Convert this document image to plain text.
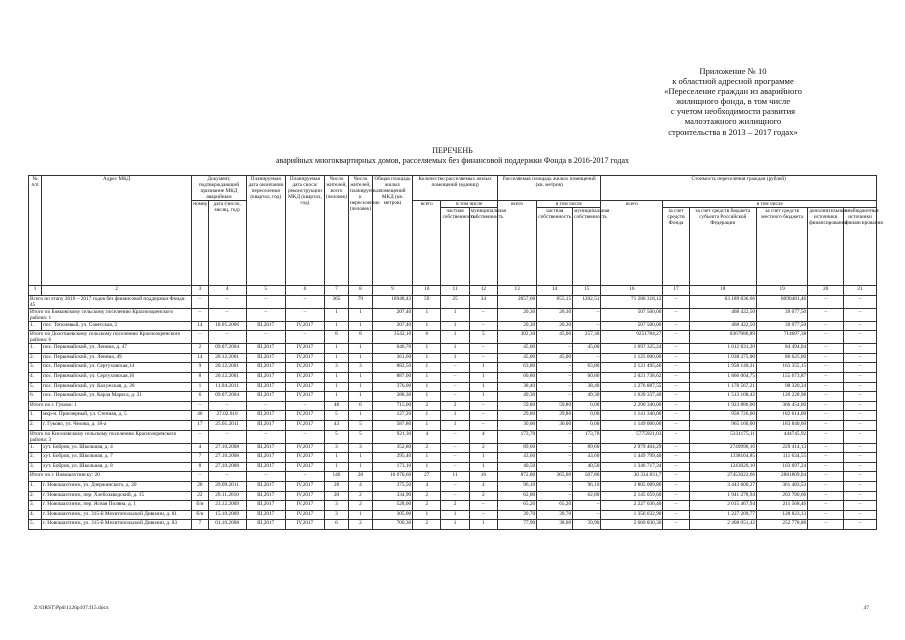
Приложение № 10
к областной адресной программе
«Переселение граждан из аварийного
жилищного фонда, в том числе
с учетом необходимости развития
малоэтажного жилищного
строительства в 2013 – 2017 годах»
ПЕРЕЧЕНЬ
аварийных многоквартирных домов, расселяемых без финансовой поддержки Фонда в 2016-2017 годах
№ п/п	Адрес МКД	Документ, подтверждающий признание МКД аварийным		Планируемая дата окончания переселения (квартал, год)	Планируемая дата сноса/реконструкции МКД (квартал, год)	Число жителей, всего (человек)	Число жителей, планируемых к переселению (человек)	Общая площадь жилых помещений МКД (кв. метров)	Количество расселяемых жилых помещений (единиц)			Расселяемая площадь жилых помещений (кв. метров)			Стоимость переселения граждан (рублей)					
		номер	дата (число, месяц, год)						всего	в том числе		всего	в том числе		всего	в том числе				
										частная собственность	муниципальная собственность		частная собственность	муниципальная собственность		за счет средств Фонда	за счет средств бюджета субъекта Российской Федерации	за счет средств местного бюджета	дополнительные источники финансирования	внебюджетные источники финансирования
1	2	3	4	5	6	7	8	9	10	11	12	13	14	15	16	17	18	19	20	21
Всего по этапу 2016 – 2017 годов без финансовой поддержки Фонда: 45		–	–	–	–	365	79	18948,43	59	25	34	2057,66	855,15	1202,51	71 280 318,12	–	63 189 836,66	8090481,46	–	–
Итого по Бояковскому сельскому поселению Краснозоренского района: 1		–	–	–	–	1	1	207,40	1	1	–	20,30	20,30	–	507 500,00	–	468 422,50	39 077,50	–	–
1.	пос. Тополевый, ул. Советская, 2	14	18.05.2006	III,2017	IV,2017	1	1	207,40	1	1	–	20,30	20,30	–	507 500,00	–	468 422,50	39 077,50	–	–
Итого по Долотшевскому сельскому поселению Краснозоренского района: 6		–	–	–	–	8	8	3542,10	6	1	5	302,30	45,00	257,30	9251784,27	–	8367086,89	714697,38	–	–
1.	пос. Первомайский, ул. Ленина, д. 47	2	09.07.2004	III,2017	IV,2017	1	1	646,70	1	1	–	45,00	–	45,00	1 097 325,24	–	1 012 831,20	84 494,04	–	–
2.	пос. Первомайский, ул. Ленина, 49	14	20.12.2001	III,2017	IV,2017	1	1	361,60	1	1	–	45,00	45,00	–	1 125 000,00	–	1 038 375,00	86 625,00	–	–
3.	пос. Первомайский, ул. Сергуховская,14	9	20.12.2001	III,2017	IV,2017	3	3	882,50	1	–	1	63,80	–	63,80	2 121 495,46	–	1 958 140,31	163 355,15	–	–
4.	пос. Первомайский, ул. Сергуховская,16	8	20.12.2001	III,2017	IV,2017	1	1	887,00	1	–	1	60,80	–	60,80	2 021 738,62	–	1 866 064,75	155 673,87	–	–
5.	пос. Первомайский, ул. Калужская, д. 20	1	11.04.2011	III,2017	IV,2017	1	1	376,00	1	–	1	38,40	–	38,40	1 276 887,55	–	1 178 567,21	98 320,34	–	–
6.	пос. Первомайский, ул. Карла Маркса, д. 31	6	09.07.2004	III,2017	IV,2017	1	1	388,30	1	–	1	49,30	–	49,30	1 639 337,40	–	1 513 108,42	126 228,98	–	–
Итого по г. Гуково: 1		–	–	–	–	48	6	715,00	2	2	–	59,80	59,80	0,00	2 290 340,00	–	1 923 886,00	366 454,00	–	–
1.	мкр-н. Приозерный, ул. Степная, д. 5	46	27.02.010	III,2017	IV,2017	5	1	127,20	1	1	–	29,80	29,80	0,00	1 141 340,00	–	958 726,00	182 614,00	–	–
2.	г. Гуково, ул. Чехова, д. 18-а	17	25.05.2011	III,2017	IV,2017	43	5	587,80	1	1	–	30,00	30,00	0,00	1 149 000,00	–	965 160,00	183 840,00	–	–
Итого по Киселевскому сельскому поселению Краснозоренского района: 3		–	–	–	–	5	5	921,30	4	–	4	173,70	–	173,70	5775921,03	–	5331175,11	444745,92	–	–
1.	хут. Бобров, ул. Школьная, д. 4	4	27.10.2008	III,2017	IV,2017	3	3	352,80	2	–	2	89,60	–	89,60	2 979 404,29	–	2749990,16	229 414,13	–	–
2.	хут. Бобров, ул. Школьная, д. 7	7	27.10.2008	III,2017	IV,2017	1	1	395,40	1	–	1	43,60	–	43,60	1 449 799,40	–	1338164,85	111 634,55	–	–
3.	хут. Бобров, ул. Школьная, д. 8	8	27.10.2008	III,2017	IV,2017	1	1	173,10	1	–	1	40,50	–	40,50	1 346 717,34	–	1243020,10	103 697,24	–	–
Итого по г. Новошахтинску: 20		–	–	–	–	146	28	10 070,60	27	11	16	872,80	365,00	507,80	30 334 831,7	–	27453022,66	2881809,04	–	–
1.	г. Новошахтинск, ул. Дзержинского, д. 20	28	29.09.2011	III,2017	IV,2017	28	4	375,50	4	–	4	96,10	–	96,10	3 805 089,80	–	3 443 606,27	361 483,53	–	–
2.	г. Новошахтинск, пер. Хлебозаводский, д. 15	22	29.11.2010	III,2017	IV,2017	20	2	334,90	2	–	2	62,80	–	62,80	2 145 059,60	–	1 941 278,94	203 780,66	–	–
3.	г. Новошахтинск, пер. Ясная Поляна, д. 1	б/н	23.12.2009	III,2017	IV,2017	3	2	528,00	2	2	–	65,20	65,20	–	2 227 036,40	–	2 015 467,94	211 568,46	–	–
4.	г. Новошахтинск, ул. 315-й Мелитопольской Дивизии, д. 81	б/н	15.10.2009	III,2017	IV,2017	3	1	305,00	1	1	–	39,70	39,70	–	1 356 032,90	–	1 227 209,77	128 823,13	–	–
5.	г. Новошахтинск, ул. 315-й Мелитопольской Дивизии, д. 83	7	01.10.2008	III,2017	IV,2017	6	2	700,30	2	1	1	77,90	38,00	39,90	2 660 830,30	–	2 408 051,42	252 778,88	–	–
Z:\ORST\Ppd\1126p107.f15.docx	47
